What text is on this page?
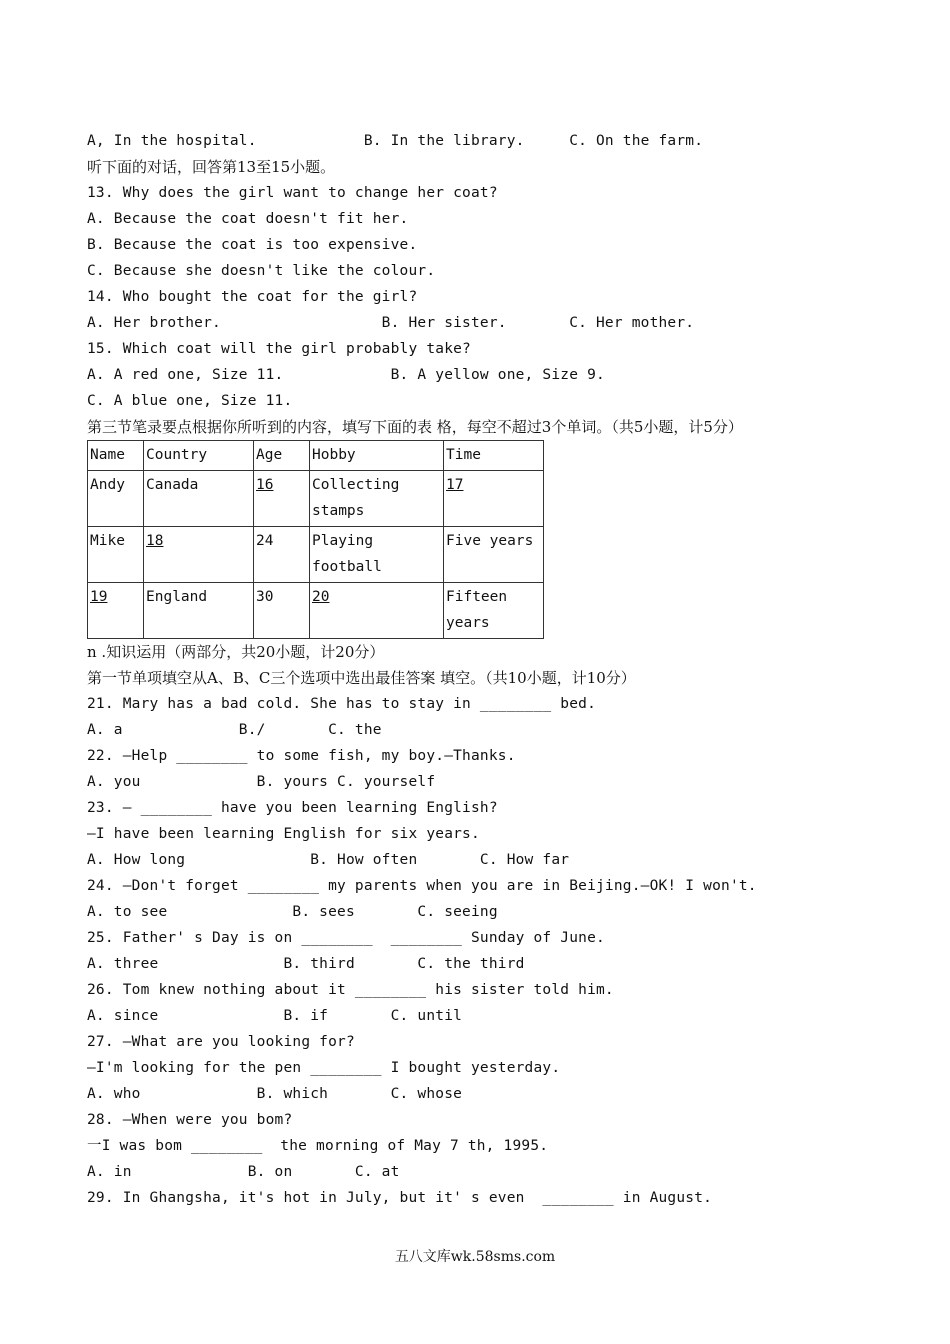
A, In the hospital.            B. In the library.     C. On the farm.
听下面的对话，回答第13至15小题。
13. Why does the girl want to change her coat?
A. Because the coat doesn't fit her.
B. Because the coat is too expensive.
C. Because she doesn't like the colour.
14. Who bought the coat for the girl?
A. Her brother.                  B. Her sister.       C. Her mother.
15. Which coat will the girl probably take?
A. A red one, Size 11.            B. A yellow one, Size 9.
C. A blue one, Size 11.
第三节笔录要点根据你所听到的内容，填写下面的表 格，每空不超过3个单词。（共5小题，计5分）
Name	Country	Age	Hobby	Time
Andy	Canada	16	Collecting stamps	17
Mike	18	24	Playing football	Five years
19	England	30	20	Fifteen years
n .知识运用（两部分，共20小题，计20分）
第一节单项填空从A、B、C三个选项中选出最佳答案 填空。（共10小题，计10分）
21. Mary has a bad cold. She has to stay in ________ bed.
A. a             B./       C. the
22. —Help ________ to some fish, my boy.—Thanks.
A. you             B. yours C. yourself
23. — ________ have you been learning English?
—I have been learning English for six years.
A. How long              B. How often       C. How far
24. —Don't forget ________ my parents when you are in Beijing.—OK! I won't.
A. to see              B. sees       C. seeing
25. Father' s Day is on ________  ________ Sunday of June.
A. three              B. third       C. the third
26. Tom knew nothing about it ________ his sister told him.
A. since              B. if       C. until
27. —What are you looking for?
—I'm looking for the pen ________ I bought yesterday.
A. who             B. which       C. whose
28. —When were you bom?
一I was bom ________  the morning of May 7 th, 1995.
A. in             B. on       C. at
29. In Ghangsha, it's hot in July, but it' s even  ________ in August.
五八文库wk.58sms.com
